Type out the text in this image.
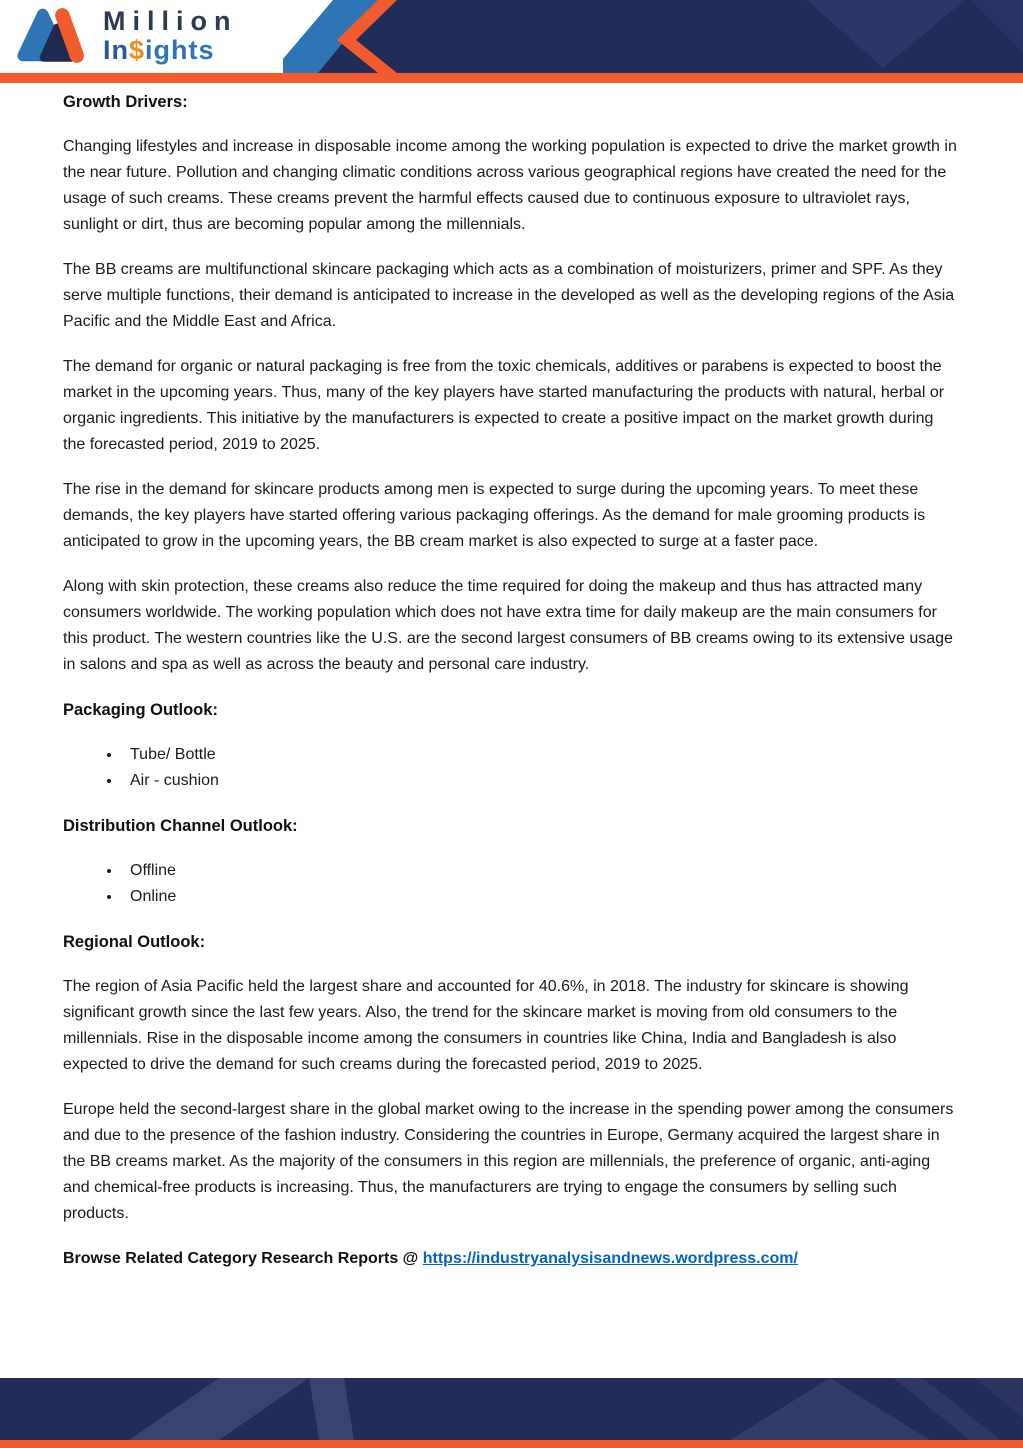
Million
In$ights
Growth Drivers:

Changing lifestyles and increase in disposable income among the working population is expected to drive the market growth in the near future. Pollution and changing climatic conditions across various geographical regions have created the need for the usage of such creams. These creams prevent the harmful effects caused due to continuous exposure to ultraviolet rays, sunlight or dirt, thus are becoming popular among the millennials.

The BB creams are multifunctional skincare packaging which acts as a combination of moisturizers, primer and SPF. As they serve multiple functions, their demand is anticipated to increase in the developed as well as the developing regions of the Asia Pacific and the Middle East and Africa.

The demand for organic or natural packaging is free from the toxic chemicals, additives or parabens is expected to boost the market in the upcoming years. Thus, many of the key players have started manufacturing the products with natural, herbal or organic ingredients. This initiative by the manufacturers is expected to create a positive impact on the market growth during the forecasted period, 2019 to 2025.

The rise in the demand for skincare products among men is expected to surge during the upcoming years. To meet these demands, the key players have started offering various packaging offerings. As the demand for male grooming products is anticipated to grow in the upcoming years, the BB cream market is also expected to surge at a faster pace.

Along with skin protection, these creams also reduce the time required for doing the makeup and thus has attracted many consumers worldwide. The working population which does not have extra time for daily makeup are the main consumers for this product. The western countries like the U.S. are the second largest consumers of BB creams owing to its extensive usage in salons and spa as well as across the beauty and personal care industry.

Packaging Outlook:
• Tube/ Bottle
• Air - cushion
Distribution Channel Outlook:
• Offline
• Online
Regional Outlook:

The region of Asia Pacific held the largest share and accounted for 40.6%, in 2018. The industry for skincare is showing significant growth since the last few years. Also, the trend for the skincare market is moving from old consumers to the millennials. Rise in the disposable income among the consumers in countries like China, India and Bangladesh is also expected to drive the demand for such creams during the forecasted period, 2019 to 2025.

Europe held the second-largest share in the global market owing to the increase in the spending power among the consumers and due to the presence of the fashion industry. Considering the countries in Europe, Germany acquired the largest share in the BB creams market. As the majority of the consumers in this region are millennials, the preference of organic, anti-aging and chemical-free products is increasing. Thus, the manufacturers are trying to engage the consumers by selling such products.

Browse Related Category Research Reports @ https://industryanalysisandnews.wordpress.com/
